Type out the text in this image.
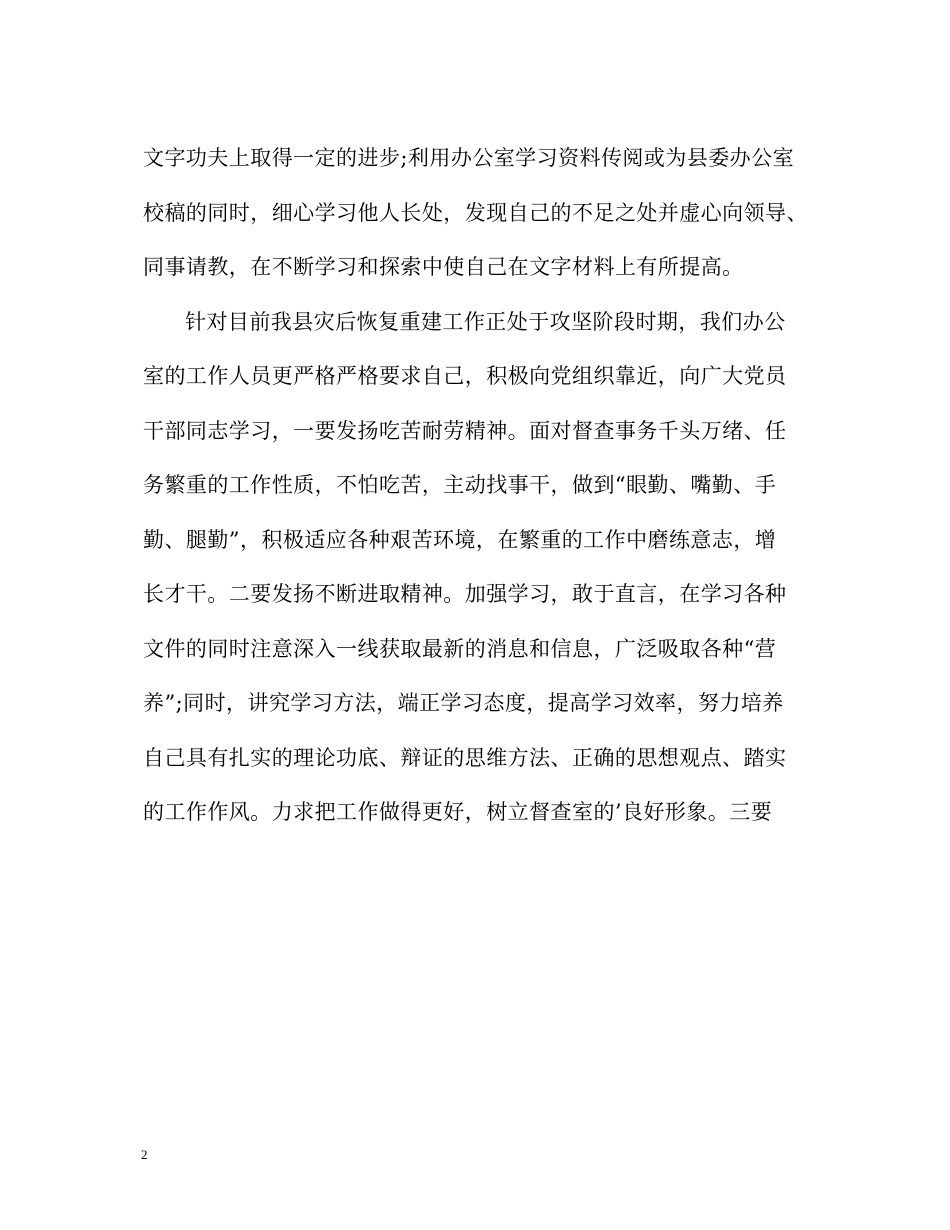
文字功夫上取得一定的进步;利用办公室学习资料传阅或为县委办公室
校稿的同时，细心学习他人长处，发现自己的不足之处并虚心向领导、
同事请教，在不断学习和探索中使自己在文字材料上有所提高。
针对目前我县灾后恢复重建工作正处于攻坚阶段时期，我们办公
室的工作人员更严格严格要求自己，积极向党组织靠近，向广大党员
干部同志学习，一要发扬吃苦耐劳精神。面对督查事务千头万绪、任
务繁重的工作性质，不怕吃苦，主动找事干，做到“眼勤、嘴勤、手
勤、腿勤”，积极适应各种艰苦环境，在繁重的工作中磨练意志，增
长才干。二要发扬不断进取精神。加强学习，敢于直言，在学习各种
文件的同时注意深入一线获取最新的消息和信息，广泛吸取各种“营
养”;同时，讲究学习方法，端正学习态度，提高学习效率，努力培养
自己具有扎实的理论功底、辩证的思维方法、正确的思想观点、踏实
的工作作风。力求把工作做得更好，树立督查室的’良好形象。三要
2
